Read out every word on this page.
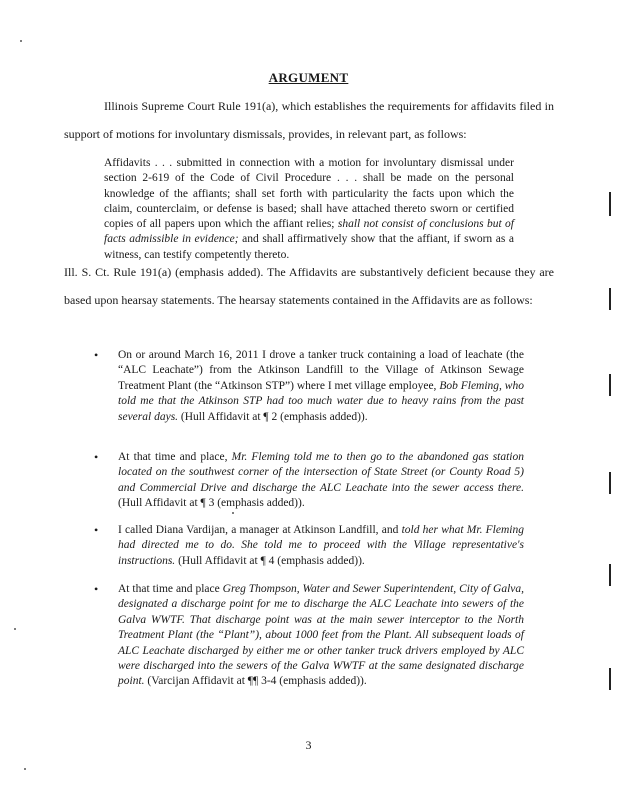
ARGUMENT

Illinois Supreme Court Rule 191(a), which establishes the requirements for affidavits filed in support of motions for involuntary dismissals, provides, in relevant part, as follows:

Affidavits . . . submitted in connection with a motion for involuntary dismissal under section 2-619 of the Code of Civil Procedure . . . shall be made on the personal knowledge of the affiants; shall set forth with particularity the facts upon which the claim, counterclaim, or defense is based; shall have attached thereto sworn or certified copies of all papers upon which the affiant relies; shall not consist of conclusions but of facts admissible in evidence; and shall affirmatively show that the affiant, if sworn as a witness, can testify competently thereto.

Ill. S. Ct. Rule 191(a) (emphasis added). The Affidavits are substantively deficient because they are based upon hearsay statements. The hearsay statements contained in the Affidavits are as follows:

• On or around March 16, 2011 I drove a tanker truck containing a load of leachate (the “ALC Leachate”) from the Atkinson Landfill to the Village of Atkinson Sewage Treatment Plant (the “Atkinson STP”) where I met village employee, Bob Fleming, who told me that the Atkinson STP had too much water due to heavy rains from the past several days. (Hull Affidavit at ¶ 2 (emphasis added)).
• At that time and place, Mr. Fleming told me to then go to the abandoned gas station located on the southwest corner of the intersection of State Street (or County Road 5) and Commercial Drive and discharge the ALC Leachate into the sewer access there. (Hull Affidavit at ¶ 3 (emphasis added)).
• I called Diana Vardijan, a manager at Atkinson Landfill, and told her what Mr. Fleming had directed me to do. She told me to proceed with the Village representative's instructions. (Hull Affidavit at ¶ 4 (emphasis added)).
• At that time and place Greg Thompson, Water and Sewer Superintendent, City of Galva, designated a discharge point for me to discharge the ALC Leachate into sewers of the Galva WWTF. That discharge point was at the main sewer interceptor to the North Treatment Plant (the “Plant”), about 1000 feet from the Plant. All subsequent loads of ALC Leachate discharged by either me or other tanker truck drivers employed by ALC were discharged into the sewers of the Galva WWTF at the same designated discharge point. (Varcijan Affidavit at ¶¶ 3-4 (emphasis added)).
3
